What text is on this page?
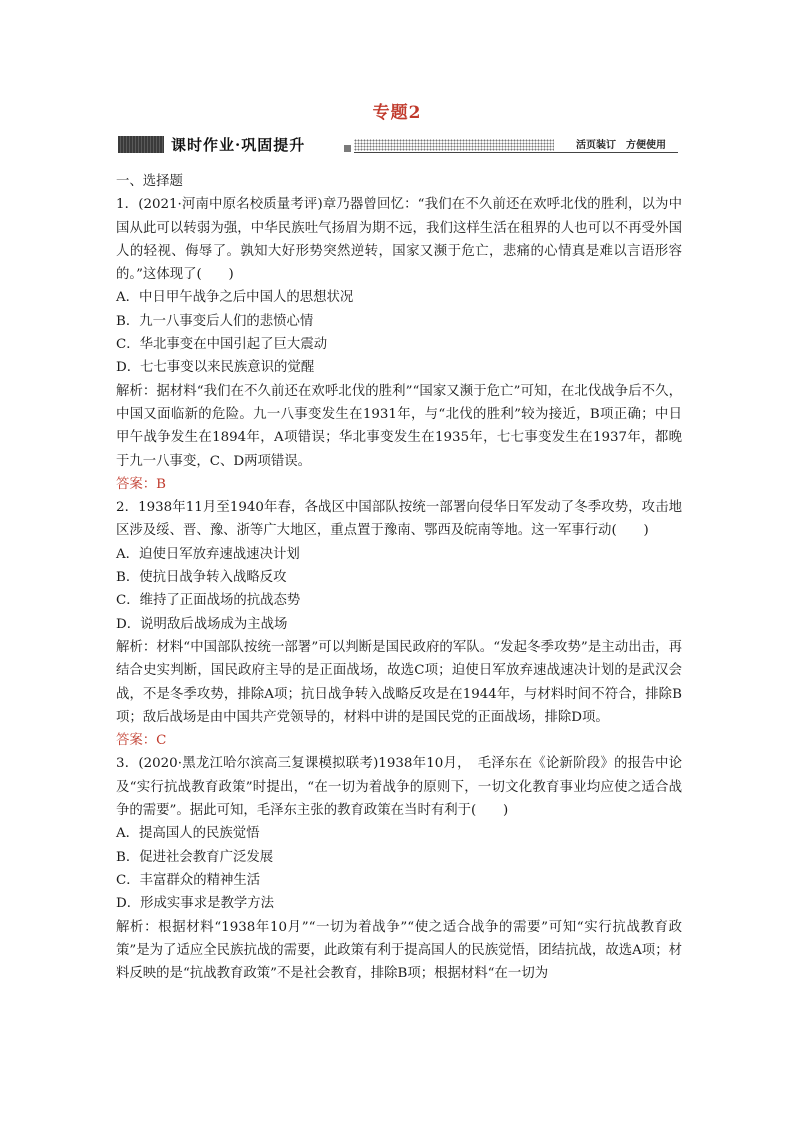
专题2
课时作业·巩固提升	活页装订　方便使用

一、选择题

1．(2021·河南中原名校质量考评)章乃器曾回忆：“我们在不久前还在欢呼北伐的胜利，以为中国从此可以转弱为强，中华民族吐气扬眉为期不远，我们这样生活在租界的人也可以不再受外国人的轻视、侮辱了。孰知大好形势突然逆转，国家又濒于危亡，悲痛的心情真是难以言语形容的。”这体现了(　　)

A．中日甲午战争之后中国人的思想状况

B．九一八事变后人们的悲愤心情

C．华北事变在中国引起了巨大震动

D．七七事变以来民族意识的觉醒

解析：据材料“我们在不久前还在欢呼北伐的胜利”“国家又濒于危亡”可知，在北伐战争后不久，中国又面临新的危险。九一八事变发生在1931年，与“北伐的胜利”较为接近，B项正确；中日甲午战争发生在1894年，A项错误；华北事变发生在1935年，七七事变发生在1937年，都晚于九一八事变，C、D两项错误。

答案：B

2．1938年11月至1940年春，各战区中国部队按统一部署向侵华日军发动了冬季攻势，攻击地区涉及绥、晋、豫、浙等广大地区，重点置于豫南、鄂西及皖南等地。这一军事行动(　　)

A．迫使日军放弃速战速决计划

B．使抗日战争转入战略反攻

C．维持了正面战场的抗战态势

D．说明敌后战场成为主战场

解析：材料“中国部队按统一部署”可以判断是国民政府的军队。“发起冬季攻势”是主动出击，再结合史实判断，国民政府主导的是正面战场，故选C项；迫使日军放弃速战速决计划的是武汉会战，不是冬季攻势，排除A项；抗日战争转入战略反攻是在1944年，与材料时间不符合，排除B项；敌后战场是由中国共产党领导的，材料中讲的是国民党的正面战场，排除D项。

答案：C

3．(2020·黑龙江哈尔滨高三复课模拟联考)1938年10月，　毛泽东在《论新阶段》的报告中论及“实行抗战教育政策”时提出，“在一切为着战争的原则下，一切文化教育事业均应使之适合战争的需要”。据此可知，毛泽东主张的教育政策在当时有利于(　　)

A．提高国人的民族觉悟

B．促进社会教育广泛发展

C．丰富群众的精神生活

D．形成实事求是教学方法

解析：根据材料“1938年10月”“一切为着战争”“使之适合战争的需要”可知“实行抗战教育政策”是为了适应全民族抗战的需要，此政策有利于提高国人的民族觉悟，团结抗战，故选A项；材料反映的是“抗战教育政策”不是社会教育，排除B项；根据材料“在一切为
